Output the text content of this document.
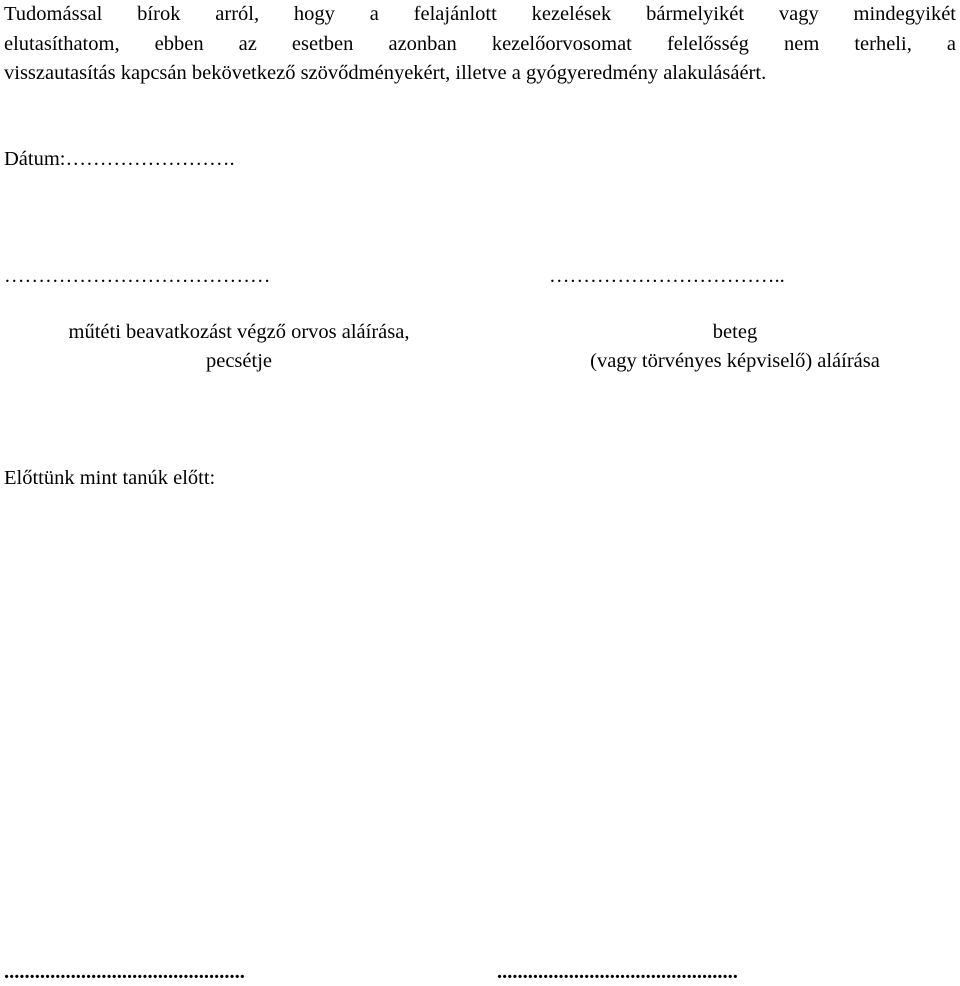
Tudomással bírok arról, hogy a felajánlott kezelések bármelyikét vagy mindegyikét
elutasíthatom, ebben az esetben azonban kezelőorvosomat felelősség nem terheli, a
visszautasítás kapcsán bekövetkező szövődményekért, illetve a gyógyeredmény alakulásáért.
Dátum:…………………….
…………………………………	……………………………..
műtéti beavatkozást végző orvos aláírása,
pecsétje
beteg
(vagy törvényes képviselő) aláírása
Előttünk mint tanúk előtt:
...............................................	...............................................
